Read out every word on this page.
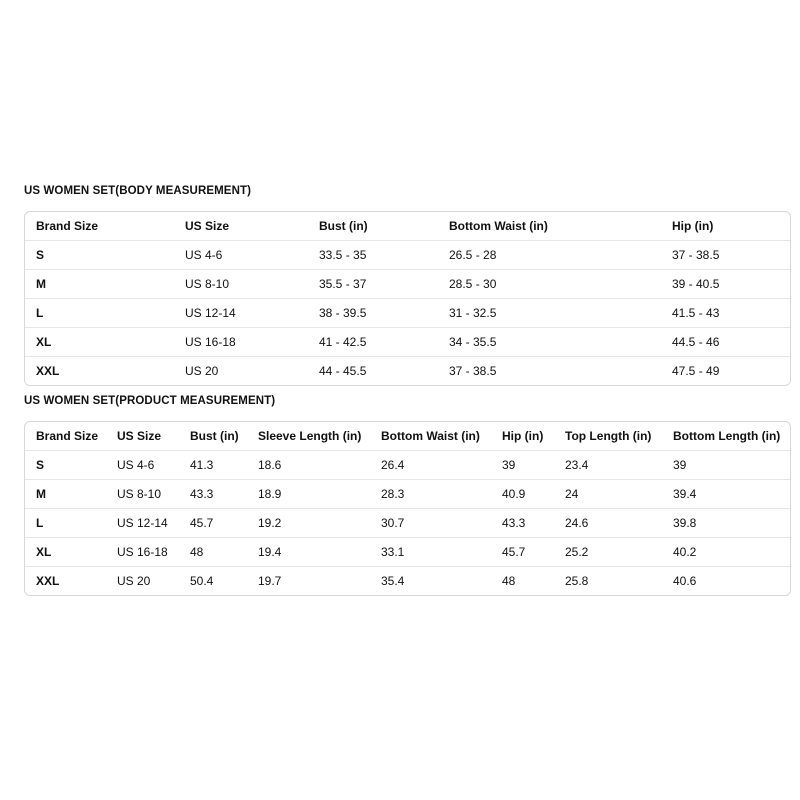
US WOMEN SET(BODY MEASUREMENT)
Brand Size	US Size	Bust (in)	Bottom Waist (in)	Hip (in)
S	US 4-6	33.5 - 35	26.5 - 28	37 - 38.5
M	US 8-10	35.5 - 37	28.5 - 30	39 - 40.5
L	US 12-14	38 - 39.5	31 - 32.5	41.5 - 43
XL	US 16-18	41 - 42.5	34 - 35.5	44.5 - 46
XXL	US 20	44 - 45.5	37 - 38.5	47.5 - 49
US WOMEN SET(PRODUCT MEASUREMENT)
Brand Size	US Size	Bust (in)	Sleeve Length (in)	Bottom Waist (in)	Hip (in)	Top Length (in)	Bottom Length (in)
S	US 4-6	41.3	18.6	26.4	39	23.4	39
M	US 8-10	43.3	18.9	28.3	40.9	24	39.4
L	US 12-14	45.7	19.2	30.7	43.3	24.6	39.8
XL	US 16-18	48	19.4	33.1	45.7	25.2	40.2
XXL	US 20	50.4	19.7	35.4	48	25.8	40.6
